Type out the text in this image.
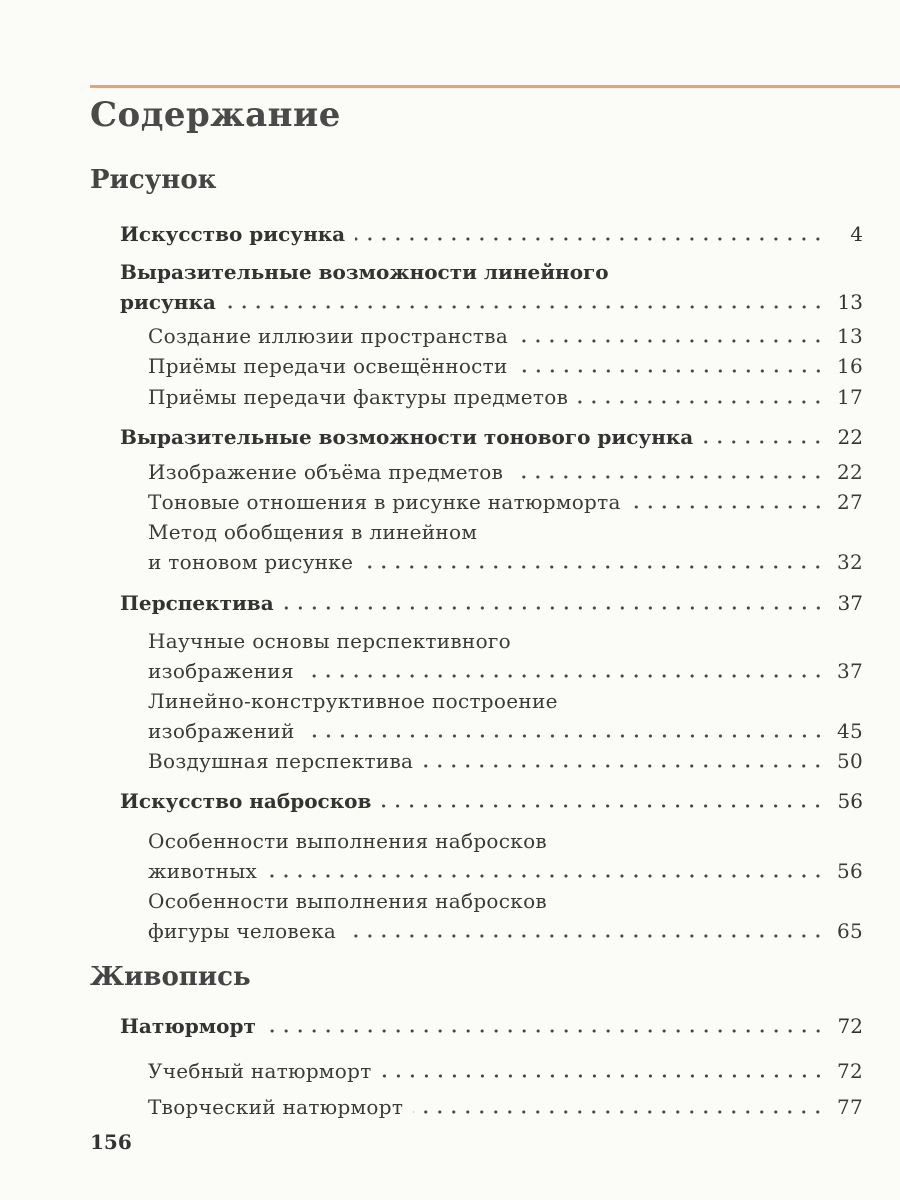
Содержание
Рисунок
Искусство рисунка	4
Выразительные возможности линейного
рисунка	13
Создание иллюзии пространства	13
Приёмы передачи освещённости	16
Приёмы передачи фактуры предметов	17
Выразительные возможности тонового рисунка	22
Изображение объёма предметов	22
Тоновые отношения в рисунке натюрморта	27
Метод обобщения в линейном
и тоновом рисунке	32
Перспектива	37
Научные основы перспективного
изображения	37
Линейно-конструктивное построение
изображений	45
Воздушная перспектива	50
Искусство набросков	56
Особенности выполнения набросков
животных	56
Особенности выполнения набросков
фигуры человека	65
Живопись
Натюрморт	72
Учебный натюрморт	72
Творческий натюрморт	77
156
